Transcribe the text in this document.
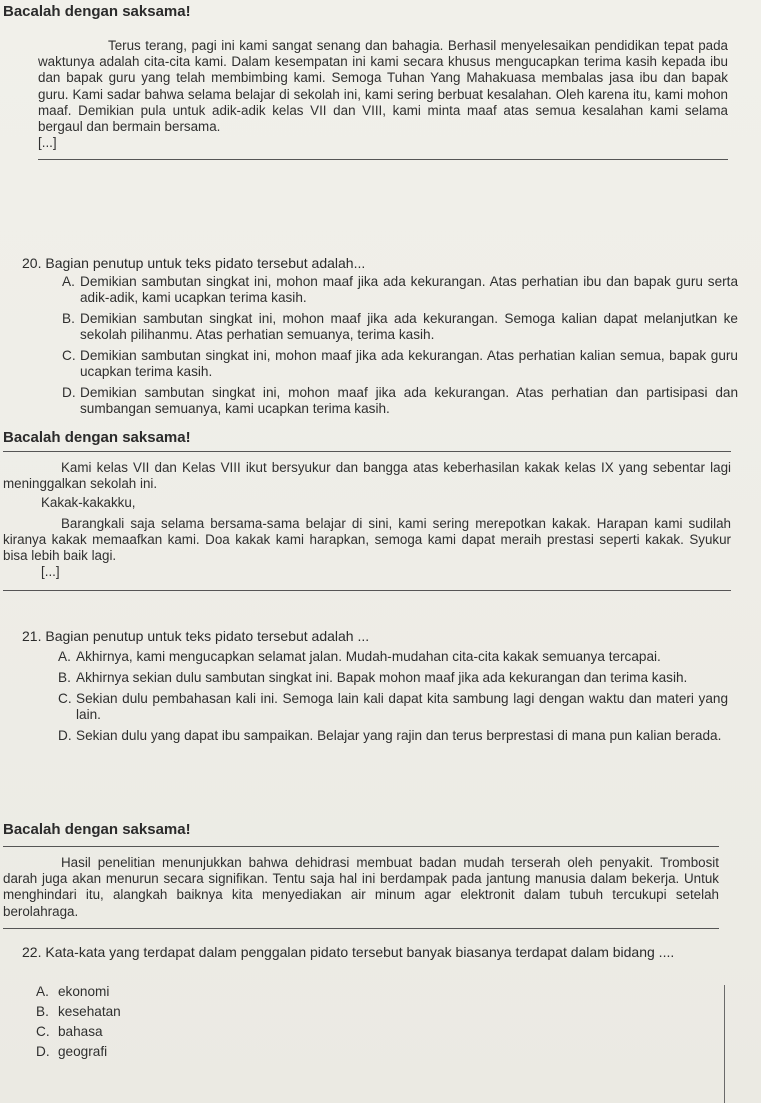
Bacalah dengan saksama!

Terus terang, pagi ini kami sangat senang dan bahagia. Berhasil menyelesaikan pendidikan tepat pada waktunya adalah cita-cita kami. Dalam kesempatan ini kami secara khusus mengucapkan terima kasih kepada ibu dan bapak guru yang telah membimbing kami. Semoga Tuhan Yang Mahakuasa membalas jasa ibu dan bapak guru. Kami sadar bahwa selama belajar di sekolah ini, kami sering berbuat kesalahan. Oleh karena itu, kami mohon maaf. Demikian pula untuk adik-adik kelas VII dan VIII, kami minta maaf atas semua kesalahan kami selama bergaul dan bermain bersama.

[...]

20. Bagian penutup untuk teks pidato tersebut adalah...
A. Demikian sambutan singkat ini, mohon maaf jika ada kekurangan. Atas perhatian ibu dan bapak guru serta adik-adik, kami ucapkan terima kasih.
B. Demikian sambutan singkat ini, mohon maaf jika ada kekurangan. Semoga kalian dapat melanjutkan ke sekolah pilihanmu. Atas perhatian semuanya, terima kasih.
C. Demikian sambutan singkat ini, mohon maaf jika ada kekurangan. Atas perhatian kalian semua, bapak guru ucapkan terima kasih.
D. Demikian sambutan singkat ini, mohon maaf jika ada kekurangan. Atas perhatian dan partisipasi dan sumbangan semuanya, kami ucapkan terima kasih.
Bacalah dengan saksama!

Kami kelas VII dan Kelas VIII ikut bersyukur dan bangga atas keberhasilan kakak kelas IX yang sebentar lagi meninggalkan sekolah ini.

Kakak-kakakku,

Barangkali saja selama bersama-sama belajar di sini, kami sering merepotkan kakak. Harapan kami sudilah kiranya kakak memaafkan kami. Doa kakak kami harapkan, semoga kami dapat meraih prestasi seperti kakak. Syukur bisa lebih baik lagi.

[...]

21. Bagian penutup untuk teks pidato tersebut adalah ...
A. Akhirnya, kami mengucapkan selamat jalan. Mudah-mudahan cita-cita kakak semuanya tercapai.
B. Akhirnya sekian dulu sambutan singkat ini. Bapak mohon maaf jika ada kekurangan dan terima kasih.
C. Sekian dulu pembahasan kali ini. Semoga lain kali dapat kita sambung lagi dengan waktu dan materi yang lain.
D. Sekian dulu yang dapat ibu sampaikan. Belajar yang rajin dan terus berprestasi di mana pun kalian berada.
Bacalah dengan saksama!

Hasil penelitian menunjukkan bahwa dehidrasi membuat badan mudah terserah oleh penyakit. Trombosit darah juga akan menurun secara signifikan. Tentu saja hal ini berdampak pada jantung manusia dalam bekerja. Untuk menghindari itu, alangkah baiknya kita menyediakan air minum agar elektronit dalam tubuh tercukupi setelah berolahraga.

22. Kata-kata yang terdapat dalam penggalan pidato tersebut banyak biasanya terdapat dalam bidang ....
A. ekonomi
B. kesehatan
C. bahasa
D. geografi
